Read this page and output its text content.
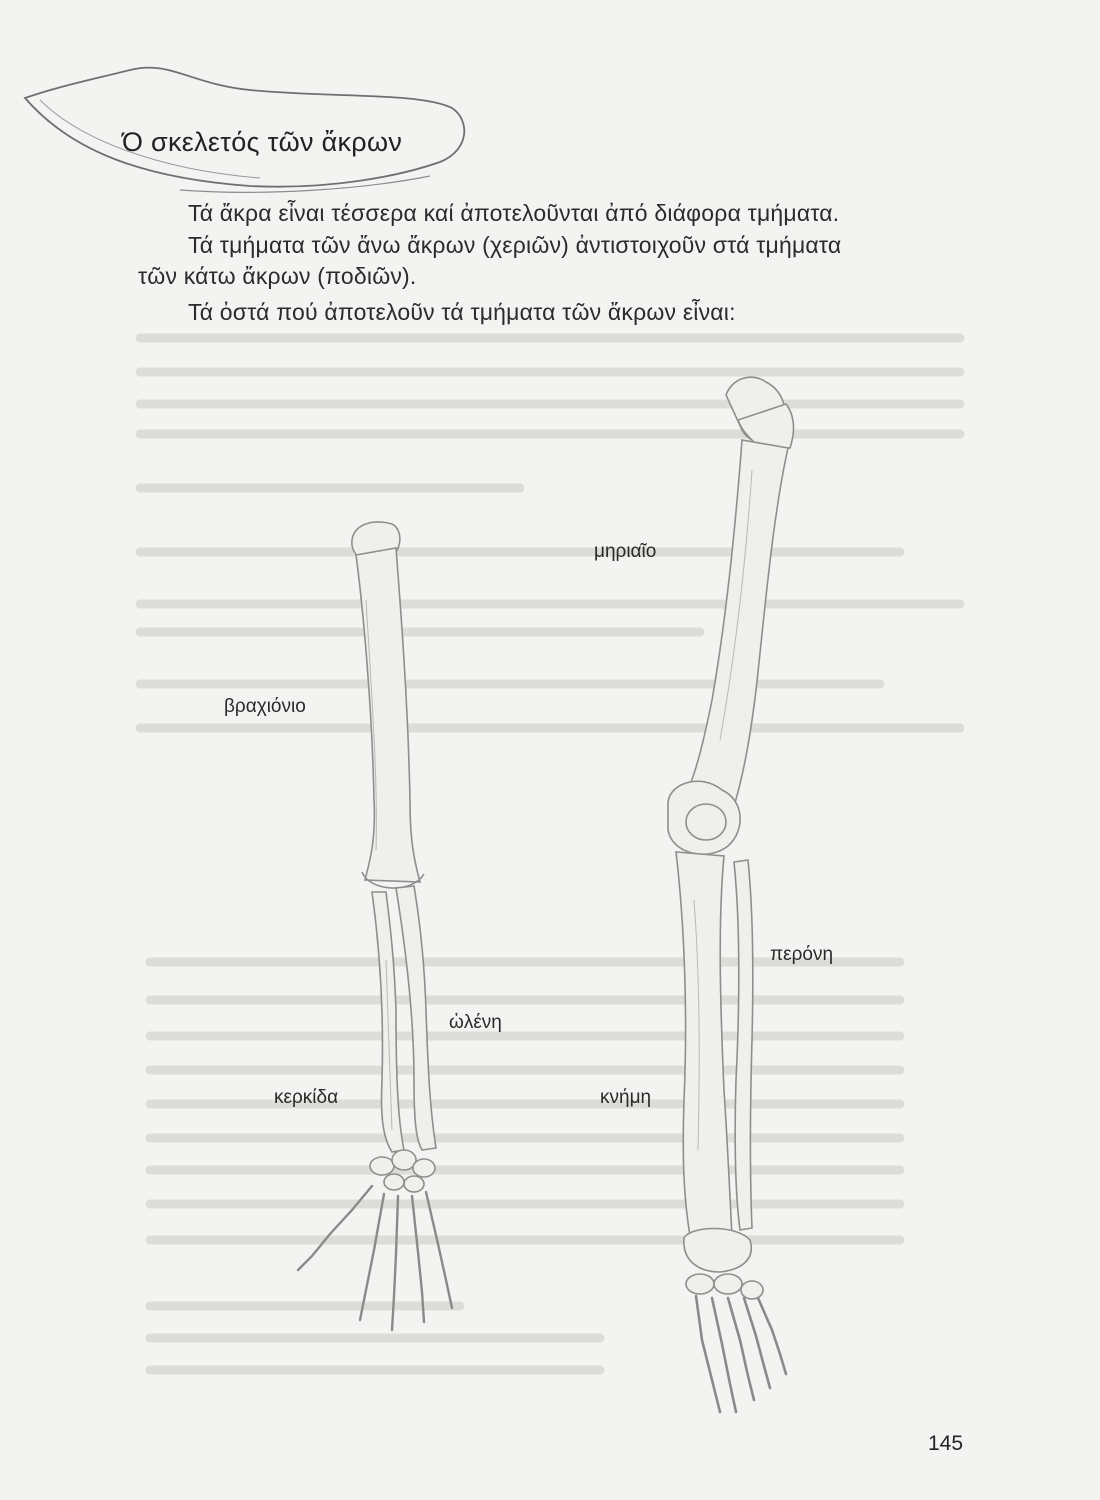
Ό σκελετός τῶν ἄκρων
Τά ἄκρα εἶναι τέσσερα καί ἀποτελοῦνται ἀπό διάφορα τμήματα.
Τά τμήματα τῶν ἄνω ἄκρων (χεριῶν) ἀντιστοιχοῦν στά τμήματα
τῶν κάτω ἄκρων (ποδιῶν).
Τά ὀστά πού ἀποτελοῦν τά τμήματα τῶν ἄκρων εἶναι:
μηριαῖο
βραχιόνιο
περόνη
ὠλένη
κερκίδα	κνήμη
145
